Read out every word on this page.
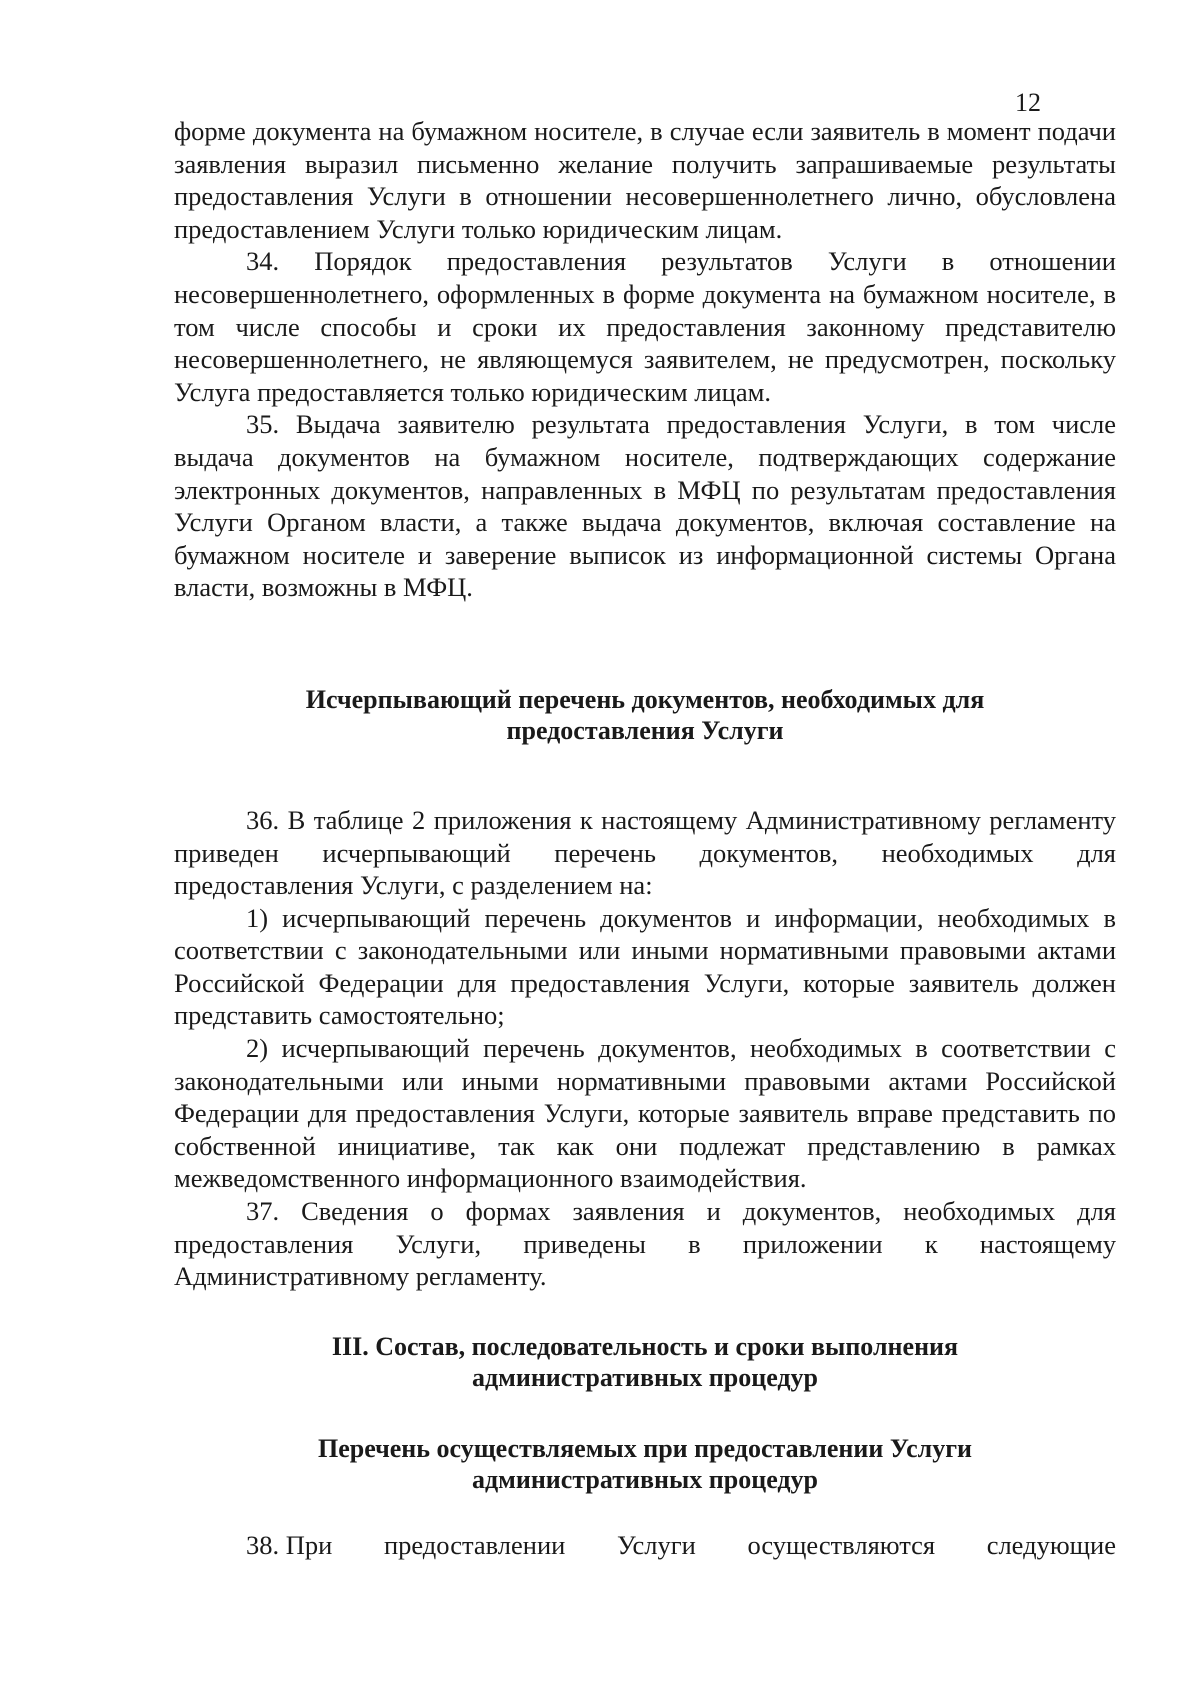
12

форме документа на бумажном носителе, в случае если заявитель в момент подачи заявления выразил письменно желание получить запрашиваемые результаты предоставления Услуги в отношении несовершеннолетнего лично, обусловлена предоставлением Услуги только юридическим лицам.

34. Порядок предоставления результатов Услуги в отношении несовершеннолетнего, оформленных в форме документа на бумажном носителе, в том числе способы и сроки их предоставления законному представителю несовершеннолетнего, не являющемуся заявителем, не предусмотрен, поскольку Услуга предоставляется только юридическим лицам.

35. Выдача заявителю результата предоставления Услуги, в том числе выдача документов на бумажном носителе, подтверждающих содержание электронных документов, направленных в МФЦ по результатам предоставления Услуги Органом власти, а также выдача документов, включая составление на бумажном носителе и заверение выписок из информационной системы Органа власти, возможны в МФЦ.

Исчерпывающий перечень документов, необходимых для
предоставления Услуги

36. В таблице 2 приложения к настоящему Административному регламенту приведен исчерпывающий перечень документов, необходимых для предоставления Услуги, с разделением на:

1) исчерпывающий перечень документов и информации, необходимых в соответствии с законодательными или иными нормативными правовыми актами Российской Федерации для предоставления Услуги, которые заявитель должен представить самостоятельно;

2) исчерпывающий перечень документов, необходимых в соответствии с законодательными или иными нормативными правовыми актами Российской Федерации для предоставления Услуги, которые заявитель вправе представить по собственной инициативе, так как они подлежат представлению в рамках межведомственного информационного взаимодействия.

37. Сведения о формах заявления и документов, необходимых для предоставления Услуги, приведены в приложении к настоящему Административному регламенту.

III. Состав, последовательность и сроки выполнения
административных процедур
Перечень осуществляемых при предоставлении Услуги
административных процедур
38. При предоставлении Услуги осуществляются следующие
